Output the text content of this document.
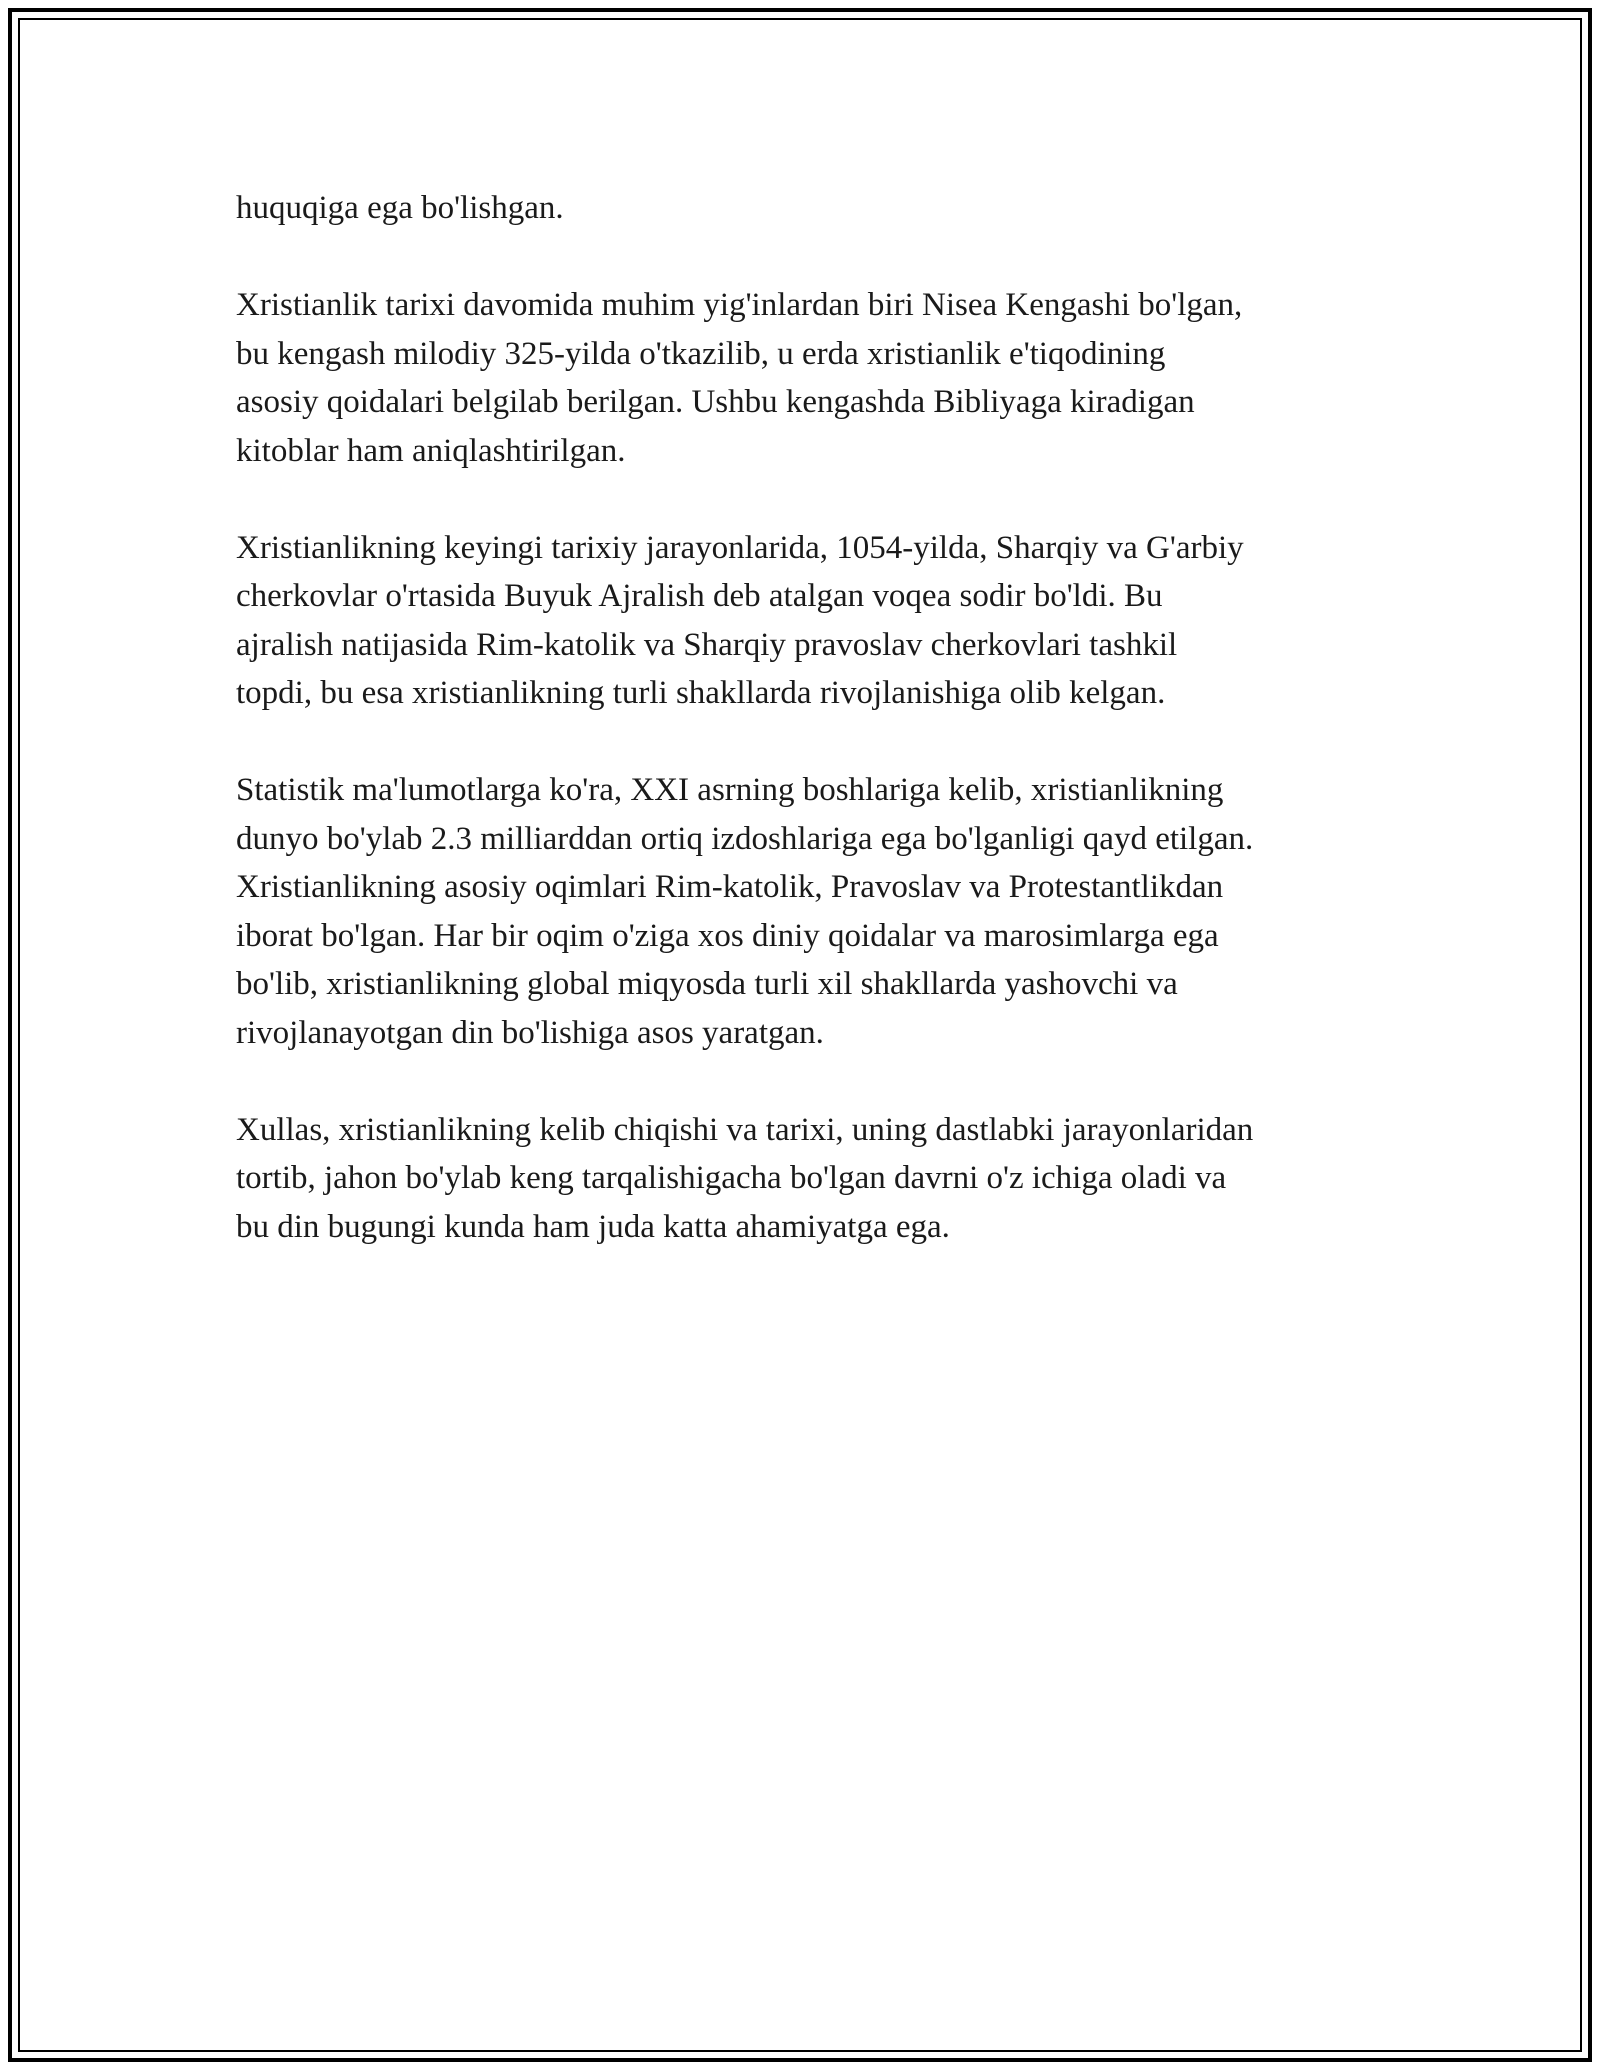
huquqiga ega bo'lishgan.

Xristianlik tarixi davomida muhim yig'inlardan biri Nisea Kengashi bo'lgan,
bu kengash milodiy 325-yilda o'tkazilib, u erda xristianlik e'tiqodining
asosiy qoidalari belgilab berilgan. Ushbu kengashda Bibliyaga kiradigan
kitoblar ham aniqlashtirilgan.

Xristianlikning keyingi tarixiy jarayonlarida, 1054-yilda, Sharqiy va G'arbiy
cherkovlar o'rtasida Buyuk Ajralish deb atalgan voqea sodir bo'ldi. Bu
ajralish natijasida Rim-katolik va Sharqiy pravoslav cherkovlari tashkil
topdi, bu esa xristianlikning turli shakllarda rivojlanishiga olib kelgan.

Statistik ma'lumotlarga ko'ra, XXI asrning boshlariga kelib, xristianlikning
dunyo bo'ylab 2.3 milliarddan ortiq izdoshlariga ega bo'lganligi qayd etilgan.
Xristianlikning asosiy oqimlari Rim-katolik, Pravoslav va Protestantlikdan
iborat bo'lgan. Har bir oqim o'ziga xos diniy qoidalar va marosimlarga ega
bo'lib, xristianlikning global miqyosda turli xil shakllarda yashovchi va
rivojlanayotgan din bo'lishiga asos yaratgan.

Xullas, xristianlikning kelib chiqishi va tarixi, uning dastlabki jarayonlaridan
tortib, jahon bo'ylab keng tarqalishigacha bo'lgan davrni o'z ichiga oladi va
bu din bugungi kunda ham juda katta ahamiyatga ega.
